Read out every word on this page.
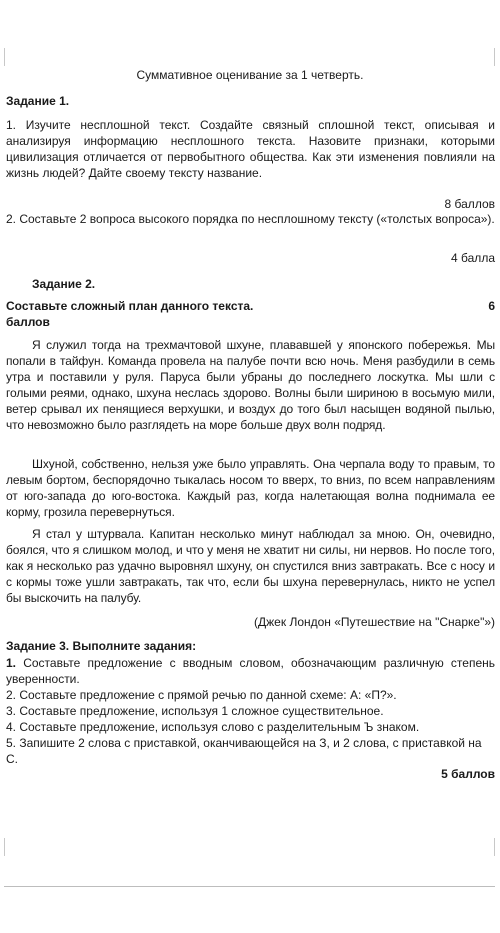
Суммативное оценивание за 1 четверть.
Задание 1.
1. Изучите несплошной текст. Создайте связный сплошной текст, описывая и анализируя информацию несплошного текста. Назовите признаки, которыми цивилизация отличается от первобытного общества. Как эти изменения повлияли на жизнь людей? Дайте своему тексту название.
8 баллов
2. Составьте 2 вопроса высокого порядка по несплошному тексту («толстых вопроса»).
4 балла
Задание 2.
Составьте сложный план данного текста.	6
баллов
Я служил тогда на трехмачтовой шхуне, плававшей у японского побережья. Мы попали в тайфун. Команда провела на палубе почти всю ночь. Меня разбудили в семь утра и поставили у руля. Паруса были убраны до последнего лоскутка. Мы шли с голыми реями, однако, шхуна неслась здорово. Волны были шириною в восьмую мили, ветер срывал их пенящиеся верхушки, и воздух до того был насыщен водяной пылью, что невозможно было разглядеть на море больше двух волн подряд.
Шхуной, собственно, нельзя уже было управлять. Она черпала воду то правым, то левым бортом, беспорядочно тыкалась носом то вверх, то вниз, по всем направлениям от юго-запада до юго-востока. Каждый раз, когда налетающая волна поднимала ее корму, грозила перевернуться.
Я стал у штурвала. Капитан несколько минут наблюдал за мною. Он, очевидно, боялся, что я слишком молод, и что у меня не хватит ни силы, ни нервов. Но после того, как я несколько раз удачно выровнял шхуну, он спустился вниз завтракать. Все с носу и с кормы тоже ушли завтракать, так что, если бы шхуна перевернулась, никто не успел бы выскочить на палубу.
(Джек Лондон «Путешествие на "Снарке"»)
Задание 3. Выполните задания:
1. Составьте предложение с вводным словом, обозначающим различную степень уверенности.
2. Составьте предложение с прямой речью по данной схеме: А: «П?».
3. Составьте предложение, используя 1 сложное существительное.
4. Составьте предложение, используя слово с разделительным Ъ знаком.
5. Запишите 2 слова с приставкой, оканчивающейся на З, и 2 слова, с приставкой на С.
5 баллов
